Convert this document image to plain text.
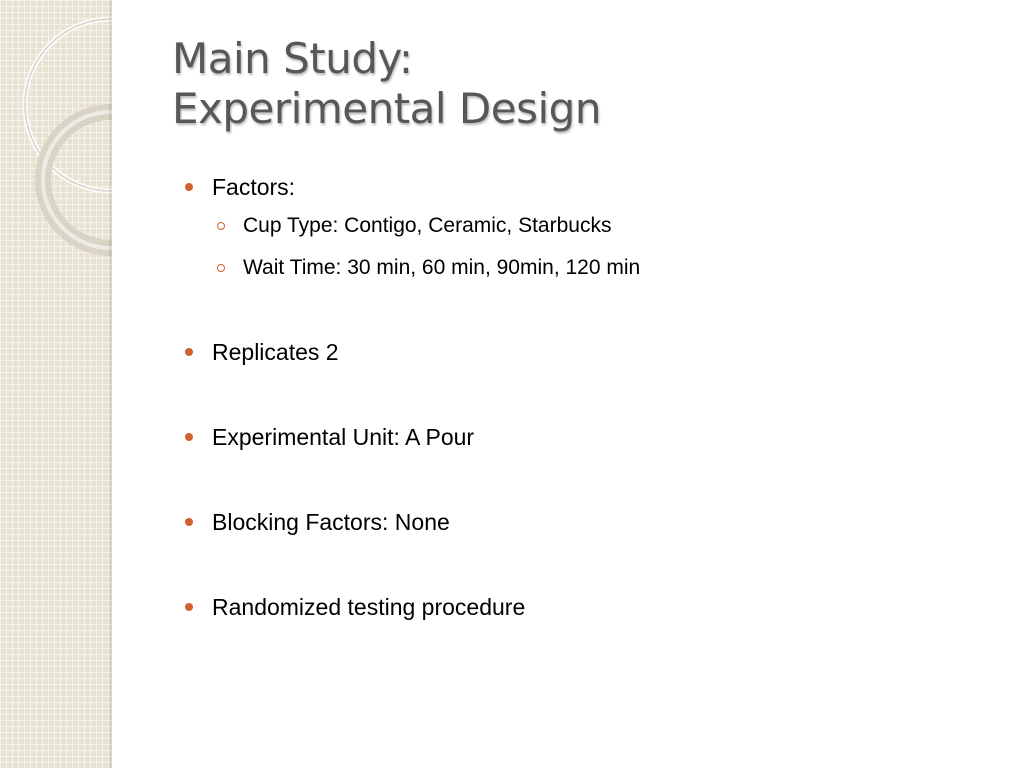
Main Study:
Experimental Design
Factors:
Cup Type: Contigo, Ceramic, Starbucks
Wait Time: 30 min, 60 min, 90min, 120 min
Replicates 2
Experimental Unit: A Pour
Blocking Factors: None
Randomized testing procedure
